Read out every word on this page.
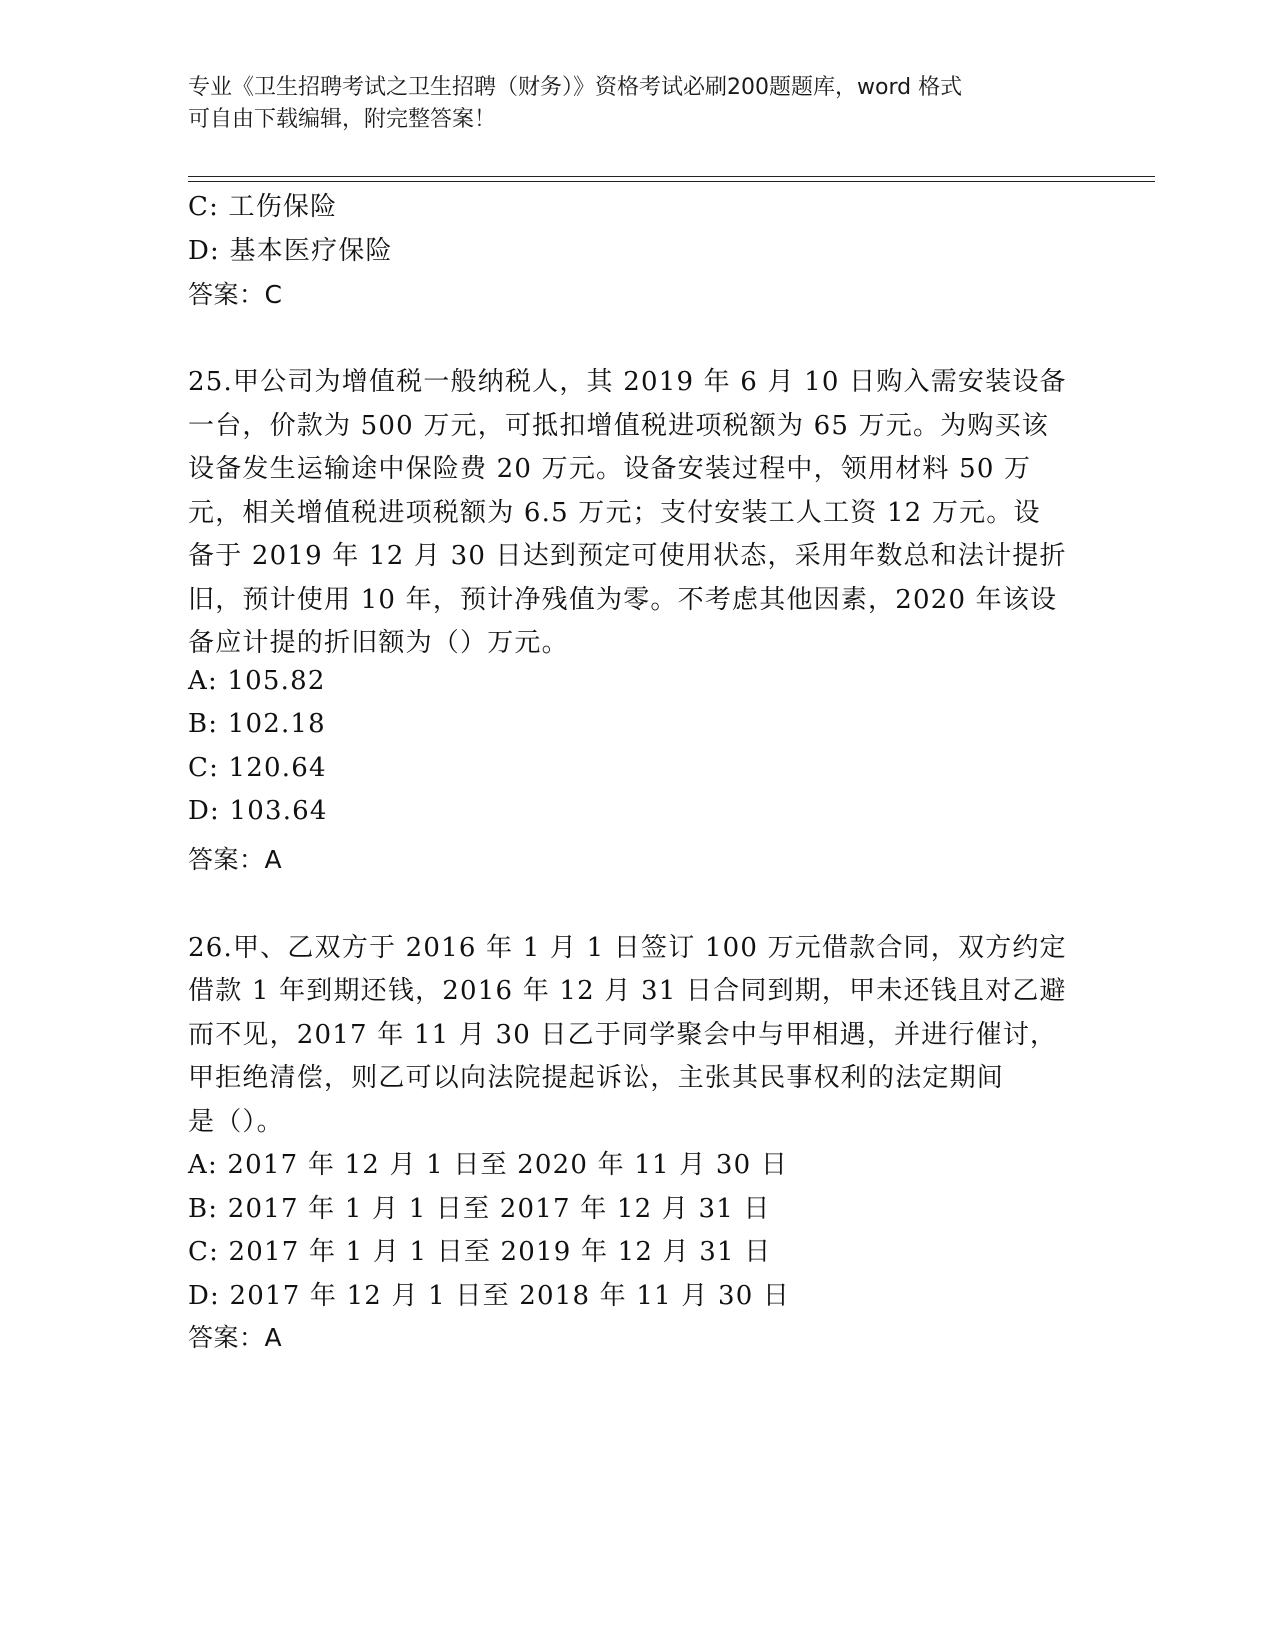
专业《卫生招聘考试之卫生招聘（财务）》资格考试必刷200题题库，word 格式
可自由下载编辑，附完整答案！
C: 工伤保险
D: 基本医疗保险
答案：C
25.甲公司为增值税一般纳税人，其 2019 年 6 月 10 日购入需安装设备
一台，价款为 500 万元，可抵扣增值税进项税额为 65 万元。为购买该
设备发生运输途中保险费 20 万元。设备安装过程中，领用材料 50 万
元，相关增值税进项税额为 6.5 万元；支付安装工人工资 12 万元。设
备于 2019 年 12 月 30 日达到预定可使用状态，采用年数总和法计提折
旧，预计使用 10 年，预计净残值为零。不考虑其他因素，2020 年该设
备应计提的折旧额为（）万元。
A: 105.82
B: 102.18
C: 120.64
D: 103.64
答案：A
26.甲、乙双方于 2016 年 1 月 1 日签订 100 万元借款合同，双方约定
借款 1 年到期还钱，2016 年 12 月 31 日合同到期，甲未还钱且对乙避
而不见，2017 年 11 月 30 日乙于同学聚会中与甲相遇，并进行催讨，
甲拒绝清偿，则乙可以向法院提起诉讼，主张其民事权利的法定期间
是（）。
A: 2017 年 12 月 1 日至 2020 年 11 月 30 日
B: 2017 年 1 月 1 日至 2017 年 12 月 31 日
C: 2017 年 1 月 1 日至 2019 年 12 月 31 日
D: 2017 年 12 月 1 日至 2018 年 11 月 30 日
答案：A
